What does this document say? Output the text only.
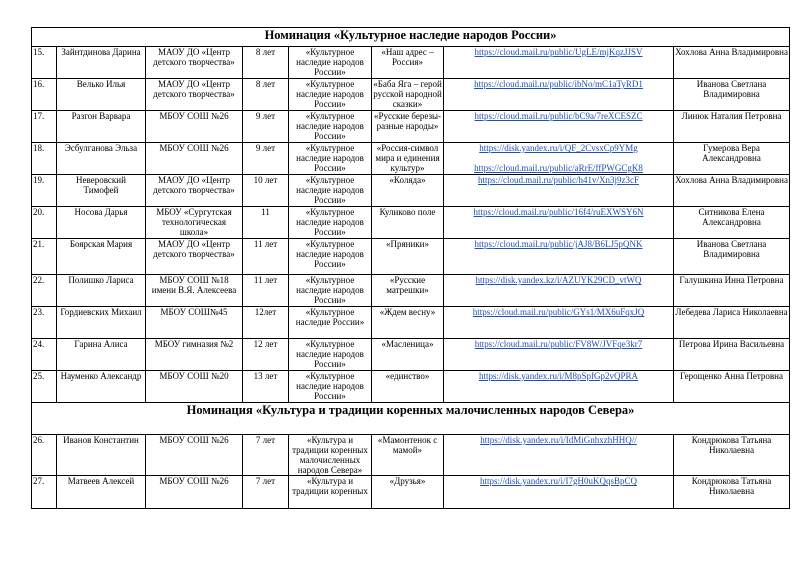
Номинация «Культурное наследие народов России»							
15.	Зайнтдинова Дарина	МАОУ ДО «Центр детского творчества»	8 лет	«Культурное наследие народов России»	«Наш адрес – Россия»	https://cloud.mail.ru/public/UgLE/mjKqzJJSV	Хохлова Анна Владимировна
16.	Велько Илья	МАОУ ДО «Центр детского творчества»	8 лет	«Культурное наследие народов России»	«Баба Яга – герой русской народной сказки»	https://cloud.mail.ru/public/ibNo/mC1aTyRD1	Иванова Светлана Владимировна
17.	Разгон Варвара	МБОУ СОШ №26	9 лет	«Культурное наследие народов России»	«Русские березы-разные народы»	https://cloud.mail.ru/public/bC9a/7reXCESZC	Линюк Наталия Петровна
18.	Эсбулганова Эльза	МБОУ СОШ №26	9 лет	«Культурное наследие народов России»	«Россия-символ мира и единения культур»	https://disk.yandex.ru/i/QF_2CvsxCp9YMg
https://cloud.mail.ru/public/aRrE/ffPWGCgK8	Гумерова Вера Александровна
19.	Неверовский Тимофей	МАОУ ДО «Центр детского творчества»	10 лет	«Культурное наследие народов России»	«Коляда»	https://cloud.mail.ru/public/h41v/Xn3j9z3cF	Хохлова Анна Владимировна
20.	Носова Дарья	МБОУ «Сургутская технологическая школа»	11	«Культурное наследие народов России»	Куликово поле	https://cloud.mail.ru/public/16f4/ruEXWSY6N	Ситникова Елена Александровна
21.	Боярская Мария	МАОУ ДО «Центр детского творчества»	11 лет	«Культурное наследие народов России»	«Пряники»	https://cloud.mail.ru/public/jAJ8/B6LJ5pQNK	Иванова Светлана Владимировна
22.	Полишко Лариса	МБОУ СОШ №18 имени В.Я. Алексеева	11 лет	«Культурное наследие народов России»	«Русские матрешки»	https://disk.yandex.kz/i/AZUYK29CD_vtWQ	Галушкина Инна Петровна
23.	Гордиевских Михаил	МБОУ СОШ№45	12лет	«Культурное наследие России»	«Ждем весну»	https://cloud.mail.ru/public/GYs1/MX6uFqxJQ	Лебедева Лариса Николаевна
24.	Гарина Алиса	МБОУ гимназия №2	12 лет	«Культурное наследие народов России»	«Масленица»	https://cloud.mail.ru/public/FV8W/JVFqe3kr7	Петрова Ирина Васильевна
25.	Науменко Александр	МБОУ СОШ №20	13 лет	«Культурное наследие народов России»	«единство»	https://disk.yandex.ru/i/M8pSpfGp2vQPRA	Герощенко Анна Петровна
Номинация «Культура и традиции коренных малочисленных народов Севера»							
26.	Иванов Константин	МБОУ СОШ №26	7 лет	«Культура и традиции коренных малочисленных народов Севера»	«Мамонтенок с мамой»	https://disk.yandex.ru/i/IdMiGnhxzhHHQ//	Кондрюкова Татьяна Николаевна
27.	Матвеев Алексей	МБОУ СОШ №26	7 лет	«Культура и традиции коренных	«Друзья»	https://disk.yandex.ru/i/I7gH0uKQqsBpCQ	Кондрюкова Татьяна Николаевна
